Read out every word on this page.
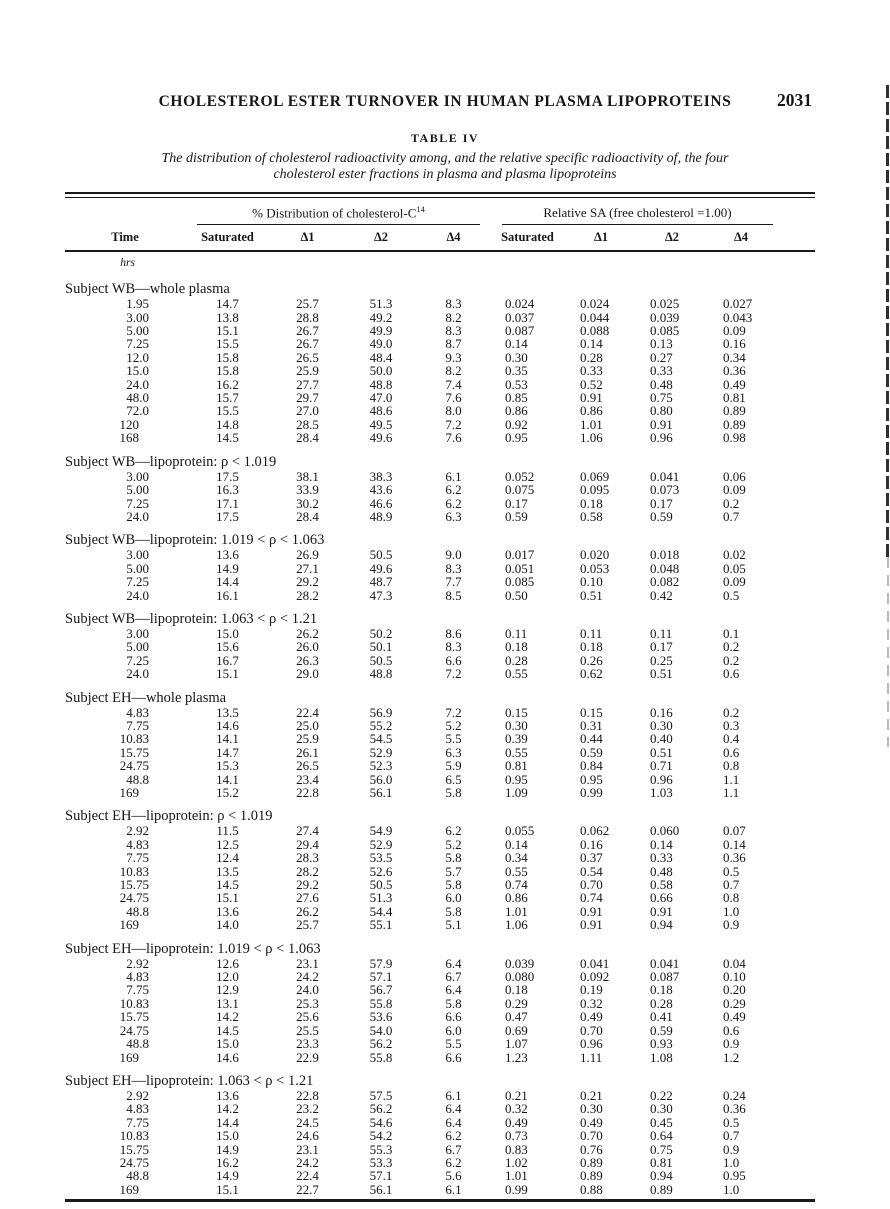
CHOLESTEROL ESTER TURNOVER IN HUMAN PLASMA LIPOPROTEINS	2031
TABLE IV
The distribution of cholesterol radioactivity among, and the relative specific radioactivity of, the four
cholesterol ester fractions in plasma and plasma lipoproteins

	% Distribution of cholesterol-$C^{14}$				Relative SA (free cholesterol =1.00)			

Time	Saturated	Δ1	Δ2	Δ4	Saturated	Δ1	Δ2	Δ4

hrs								
Subject WB—whole plasma								
1.95	14.7	25.7	51.3	8.3	0.024	0.024	0.025	0.027
3.00	13.8	28.8	49.2	8.2	0.037	0.044	0.039	0.043
5.00	15.1	26.7	49.9	8.3	0.087	0.088	0.085	0.09
7.25	15.5	26.7	49.0	8.7	0.14	0.14	0.13	0.16
12.0	15.8	26.5	48.4	9.3	0.30	0.28	0.27	0.34
15.0	15.8	25.9	50.0	8.2	0.35	0.33	0.33	0.36
24.0	16.2	27.7	48.8	7.4	0.53	0.52	0.48	0.49
48.0	15.7	29.7	47.0	7.6	0.85	0.91	0.75	0.81
72.0	15.5	27.0	48.6	8.0	0.86	0.86	0.80	0.89
120	14.8	28.5	49.5	7.2	0.92	1.01	0.91	0.89
168	14.5	28.4	49.6	7.6	0.95	1.06	0.96	0.98
Subject WB—lipoprotein: ρ < 1.019								
3.00	17.5	38.1	38.3	6.1	0.052	0.069	0.041	0.06
5.00	16.3	33.9	43.6	6.2	0.075	0.095	0.073	0.09
7.25	17.1	30.2	46.6	6.2	0.17	0.18	0.17	0.2
24.0	17.5	28.4	48.9	6.3	0.59	0.58	0.59	0.7
Subject WB—lipoprotein: 1.019 < ρ < 1.063								
3.00	13.6	26.9	50.5	9.0	0.017	0.020	0.018	0.02
5.00	14.9	27.1	49.6	8.3	0.051	0.053	0.048	0.05
7.25	14.4	29.2	48.7	7.7	0.085	0.10	0.082	0.09
24.0	16.1	28.2	47.3	8.5	0.50	0.51	0.42	0.5
Subject WB—lipoprotein: 1.063 < ρ < 1.21								
3.00	15.0	26.2	50.2	8.6	0.11	0.11	0.11	0.1
5.00	15.6	26.0	50.1	8.3	0.18	0.18	0.17	0.2
7.25	16.7	26.3	50.5	6.6	0.28	0.26	0.25	0.2
24.0	15.1	29.0	48.8	7.2	0.55	0.62	0.51	0.6
Subject EH—whole plasma								
4.83	13.5	22.4	56.9	7.2	0.15	0.15	0.16	0.2
7.75	14.6	25.0	55.2	5.2	0.30	0.31	0.30	0.3
10.83	14.1	25.9	54.5	5.5	0.39	0.44	0.40	0.4
15.75	14.7	26.1	52.9	6.3	0.55	0.59	0.51	0.6
24.75	15.3	26.5	52.3	5.9	0.81	0.84	0.71	0.8
48.8	14.1	23.4	56.0	6.5	0.95	0.95	0.96	1.1
169	15.2	22.8	56.1	5.8	1.09	0.99	1.03	1.1
Subject EH—lipoprotein: ρ < 1.019								
2.92	11.5	27.4	54.9	6.2	0.055	0.062	0.060	0.07
4.83	12.5	29.4	52.9	5.2	0.14	0.16	0.14	0.14
7.75	12.4	28.3	53.5	5.8	0.34	0.37	0.33	0.36
10.83	13.5	28.2	52.6	5.7	0.55	0.54	0.48	0.5
15.75	14.5	29.2	50.5	5.8	0.74	0.70	0.58	0.7
24.75	15.1	27.6	51.3	6.0	0.86	0.74	0.66	0.8
48.8	13.6	26.2	54.4	5.8	1.01	0.91	0.91	1.0
169	14.0	25.7	55.1	5.1	1.06	0.91	0.94	0.9
Subject EH—lipoprotein: 1.019 < ρ < 1.063								
2.92	12.6	23.1	57.9	6.4	0.039	0.041	0.041	0.04
4.83	12.0	24.2	57.1	6.7	0.080	0.092	0.087	0.10
7.75	12.9	24.0	56.7	6.4	0.18	0.19	0.18	0.20
10.83	13.1	25.3	55.8	5.8	0.29	0.32	0.28	0.29
15.75	14.2	25.6	53.6	6.6	0.47	0.49	0.41	0.49
24.75	14.5	25.5	54.0	6.0	0.69	0.70	0.59	0.6
48.8	15.0	23.3	56.2	5.5	1.07	0.96	0.93	0.9
169	14.6	22.9	55.8	6.6	1.23	1.11	1.08	1.2
Subject EH—lipoprotein: 1.063 < ρ < 1.21								
2.92	13.6	22.8	57.5	6.1	0.21	0.21	0.22	0.24
4.83	14.2	23.2	56.2	6.4	0.32	0.30	0.30	0.36
7.75	14.4	24.5	54.6	6.4	0.49	0.49	0.45	0.5
10.83	15.0	24.6	54.2	6.2	0.73	0.70	0.64	0.7
15.75	14.9	23.1	55.3	6.7	0.83	0.76	0.75	0.9
24.75	16.2	24.2	53.3	6.2	1.02	0.89	0.81	1.0
48.8	14.9	22.4	57.1	5.6	1.01	0.89	0.94	0.95
169	15.1	22.7	56.1	6.1	0.99	0.88	0.89	1.0
